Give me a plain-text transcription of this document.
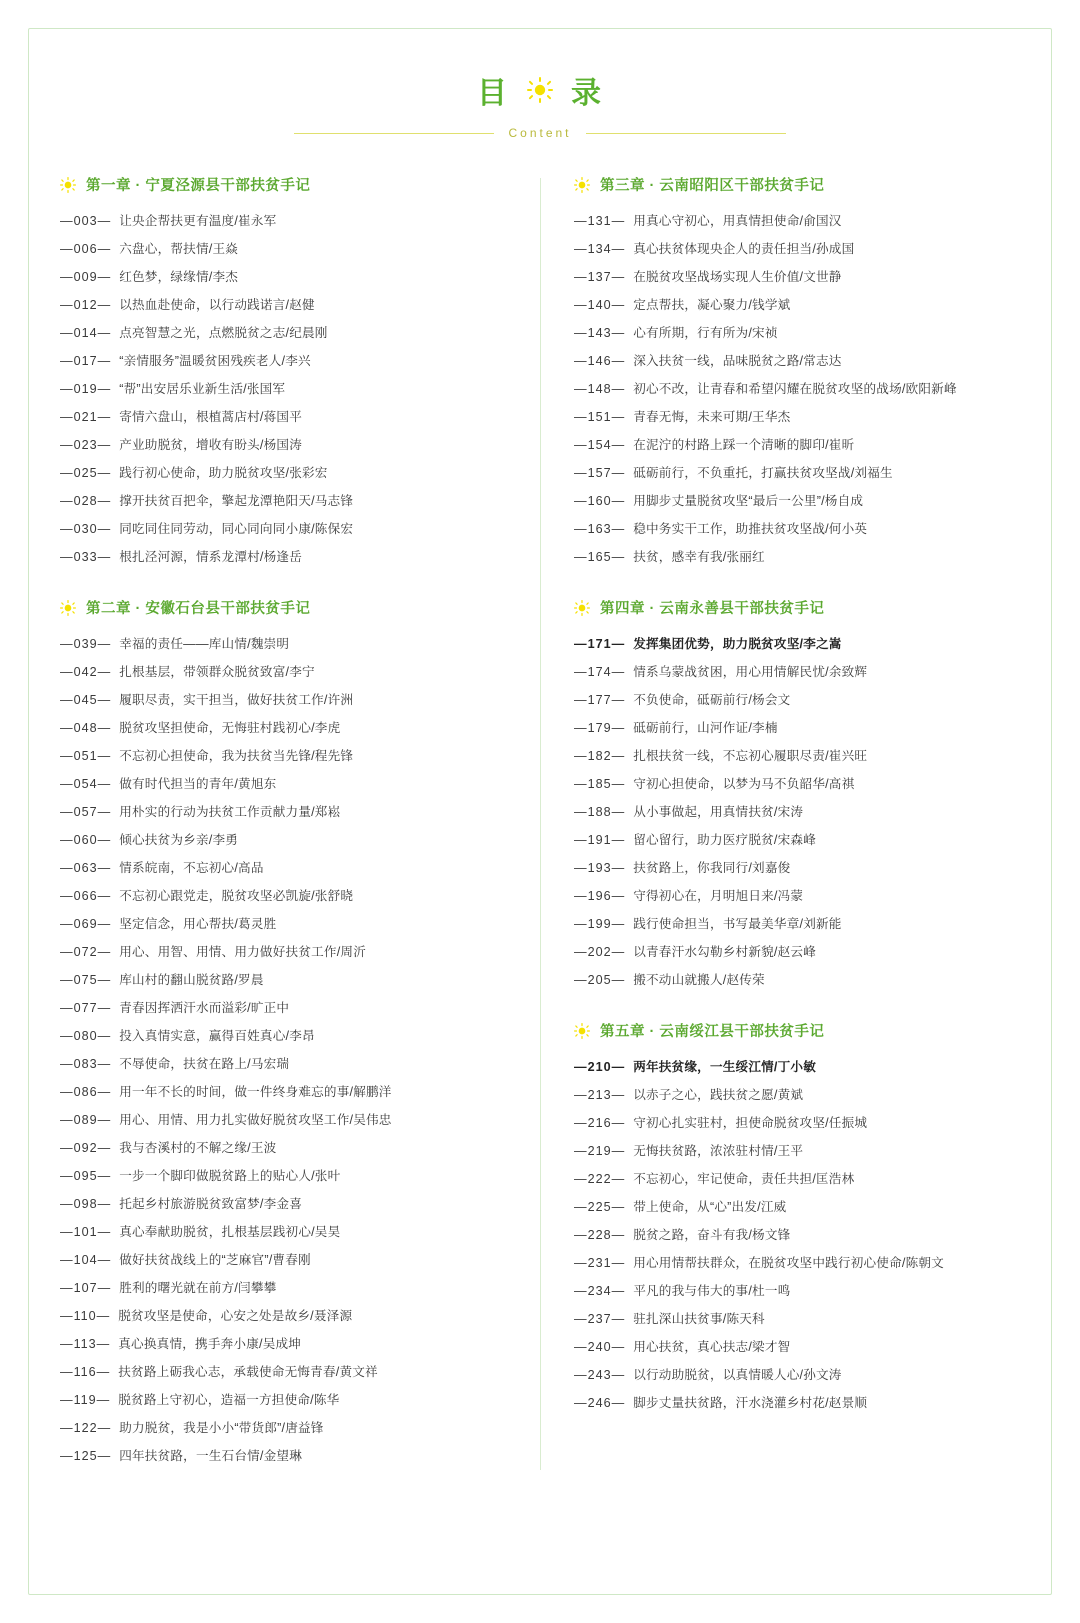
目 录
Content
第一章 · 宁夏泾源县干部扶贫手记
—003— 让央企帮扶更有温度/崔永军
—006— 六盘心，帮扶情/王焱
—009— 红色梦，绿缘情/李杰
—012— 以热血赴使命，以行动践诺言/赵健
—014— 点亮智慧之光，点燃脱贫之志/纪晨刚
—017— “亲情服务”温暖贫困残疾老人/李兴
—019— “帮”出安居乐业新生活/张国军
—021— 寄情六盘山，根植蒿店村/蒋国平
—023— 产业助脱贫，增收有盼头/杨国涛
—025— 践行初心使命，助力脱贫攻坚/张彩宏
—028— 撑开扶贫百把伞，擎起龙潭艳阳天/马志锋
—030— 同吃同住同劳动，同心同向同小康/陈保宏
—033— 根扎泾河源，情系龙潭村/杨逢岳
第二章 · 安徽石台县干部扶贫手记
—039— 幸福的责任——库山情/魏崇明
—042— 扎根基层，带领群众脱贫致富/李宁
—045— 履职尽责，实干担当，做好扶贫工作/许洲
—048— 脱贫攻坚担使命，无悔驻村践初心/李虎
—051— 不忘初心担使命，我为扶贫当先锋/程先锋
—054— 做有时代担当的青年/黄旭东
—057— 用朴实的行动为扶贫工作贡献力量/郑崧
—060— 倾心扶贫为乡亲/李勇
—063— 情系皖南，不忘初心/高品
—066— 不忘初心跟党走，脱贫攻坚必凯旋/张舒晓
—069— 坚定信念，用心帮扶/葛灵胜
—072— 用心、用智、用情、用力做好扶贫工作/周沂
—075— 库山村的翻山脱贫路/罗晨
—077— 青春因挥洒汗水而溢彩/旷正中
—080— 投入真情实意，赢得百姓真心/李昂
—083— 不辱使命，扶贫在路上/马宏瑞
—086— 用一年不长的时间，做一件终身难忘的事/解鹏洋
—089— 用心、用情、用力扎实做好脱贫攻坚工作/吴伟忠
—092— 我与杏溪村的不解之缘/王波
—095— 一步一个脚印做脱贫路上的贴心人/张叶
—098— 托起乡村旅游脱贫致富梦/李金喜
—101— 真心奉献助脱贫，扎根基层践初心/吴昊
—104— 做好扶贫战线上的“芝麻官”/曹春刚
—107— 胜利的曙光就在前方/闫攀攀
—110— 脱贫攻坚是使命，心安之处是故乡/聂泽源
—113— 真心换真情，携手奔小康/吴成坤
—116— 扶贫路上砺我心志，承载使命无悔青春/黄文祥
—119— 脱贫路上守初心，造福一方担使命/陈华
—122— 助力脱贫，我是小小“带货郎”/唐益锋
—125— 四年扶贫路，一生石台情/金望琳
第三章 · 云南昭阳区干部扶贫手记
—131— 用真心守初心，用真情担使命/俞国汉
—134— 真心扶贫体现央企人的责任担当/孙成国
—137— 在脱贫攻坚战场实现人生价值/文世静
—140— 定点帮扶，凝心聚力/钱学斌
—143— 心有所期，行有所为/宋祯
—146— 深入扶贫一线，品味脱贫之路/常志达
—148— 初心不改，让青春和希望闪耀在脱贫攻坚的战场/欧阳新峰
—151— 青春无悔，未来可期/王华杰
—154— 在泥泞的村路上踩一个清晰的脚印/崔昕
—157— 砥砺前行，不负重托，打赢扶贫攻坚战/刘福生
—160— 用脚步丈量脱贫攻坚“最后一公里”/杨自成
—163— 稳中务实干工作，助推扶贫攻坚战/何小英
—165— 扶贫，感幸有我/张丽红
第四章 · 云南永善县干部扶贫手记
—171— 发挥集团优势，助力脱贫攻坚/李之嵩
—174— 情系乌蒙战贫困，用心用情解民忧/余致辉
—177— 不负使命，砥砺前行/杨会文
—179— 砥砺前行，山河作证/李楠
—182— 扎根扶贫一线，不忘初心履职尽责/崔兴旺
—185— 守初心担使命，以梦为马不负韶华/高祺
—188— 从小事做起，用真情扶贫/宋涛
—191— 留心留行，助力医疗脱贫/宋森峰
—193— 扶贫路上，你我同行/刘嘉俊
—196— 守得初心在，月明旭日来/冯蒙
—199— 践行使命担当，书写最美华章/刘新能
—202— 以青春汗水勾勒乡村新貌/赵云峰
—205— 搬不动山就搬人/赵传荣
第五章 · 云南绥江县干部扶贫手记
—210— 两年扶贫缘，一生绥江情/丁小敏
—213— 以赤子之心，践扶贫之愿/黄斌
—216— 守初心扎实驻村，担使命脱贫攻坚/任振城
—219— 无悔扶贫路，浓浓驻村情/王平
—222— 不忘初心，牢记使命，责任共担/匡浩林
—225— 带上使命，从“心”出发/江威
—228— 脱贫之路，奋斗有我/杨文锋
—231— 用心用情帮扶群众，在脱贫攻坚中践行初心使命/陈朝文
—234— 平凡的我与伟大的事/杜一鸣
—237— 驻扎深山扶贫事/陈天科
—240— 用心扶贫，真心扶志/梁才智
—243— 以行动助脱贫，以真情暖人心/孙文涛
—246— 脚步丈量扶贫路，汗水浇灌乡村花/赵景顺
